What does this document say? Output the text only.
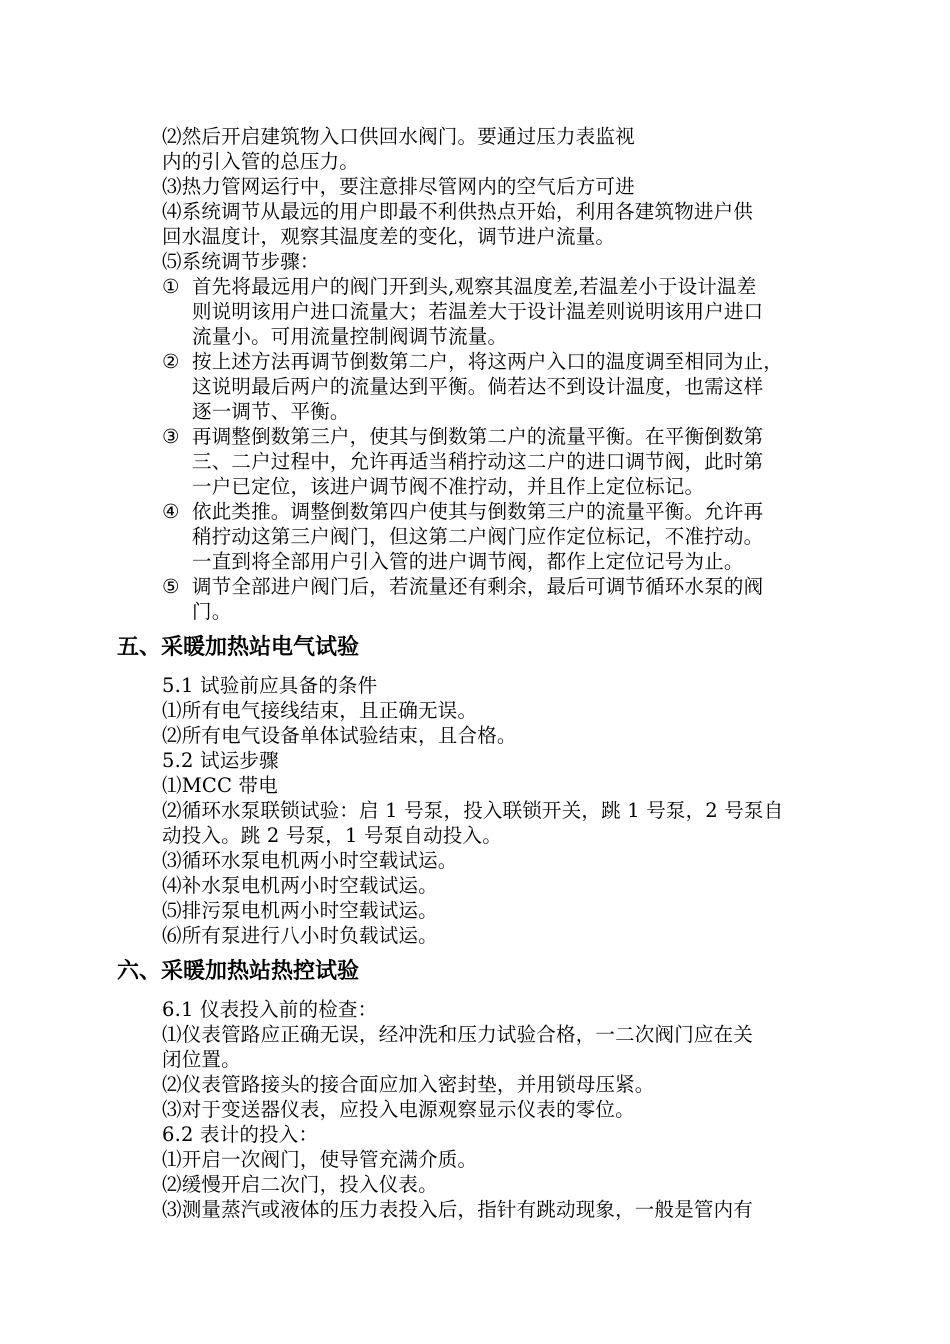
⑵然后开启建筑物入口供回水阀门。要通过压力表监视
内的引入管的总压力。
⑶热力管网运行中，要注意排尽管网内的空气后方可进
⑷系统调节从最远的用户即最不利供热点开始，利用各建筑物进户供
回水温度计，观察其温度差的变化，调节进户流量。
⑸系统调节步骤：
① 首先将最远用户的阀门开到头,观察其温度差,若温差小于设计温差
则说明该用户进口流量大；若温差大于设计温差则说明该用户进口
流量小。可用流量控制阀调节流量。
② 按上述方法再调节倒数第二户，将这两户入口的温度调至相同为止，
这说明最后两户的流量达到平衡。倘若达不到设计温度，也需这样
逐一调节、平衡。
③ 再调整倒数第三户，使其与倒数第二户的流量平衡。在平衡倒数第
三、二户过程中，允许再适当稍拧动这二户的进口调节阀，此时第
一户已定位，该进户调节阀不准拧动，并且作上定位标记。
④ 依此类推。调整倒数第四户使其与倒数第三户的流量平衡。允许再
稍拧动这第三户阀门，但这第二户阀门应作定位标记，不准拧动。
一直到将全部用户引入管的进户调节阀，都作上定位记号为止。
⑤ 调节全部进户阀门后，若流量还有剩余，最后可调节循环水泵的阀
门。
五、采暖加热站电气试验
5.1 试验前应具备的条件
⑴所有电气接线结束，且正确无误。
⑵所有电气设备单体试验结束，且合格。
5.2 试运步骤
⑴MCC 带电
⑵循环水泵联锁试验：启 1 号泵，投入联锁开关，跳 1 号泵，2 号泵自
动投入。跳 2 号泵，1 号泵自动投入。
⑶循环水泵电机两小时空载试运。
⑷补水泵电机两小时空载试运。
⑸排污泵电机两小时空载试运。
⑹所有泵进行八小时负载试运。
六、采暖加热站热控试验
6.1 仪表投入前的检查：
⑴仪表管路应正确无误，经冲洗和压力试验合格，一二次阀门应在关
闭位置。
⑵仪表管路接头的接合面应加入密封垫，并用锁母压紧。
⑶对于变送器仪表，应投入电源观察显示仪表的零位。
6.2 表计的投入：
⑴开启一次阀门，使导管充满介质。
⑵缓慢开启二次门，投入仪表。
⑶测量蒸汽或液体的压力表投入后，指针有跳动现象，一般是管内有
